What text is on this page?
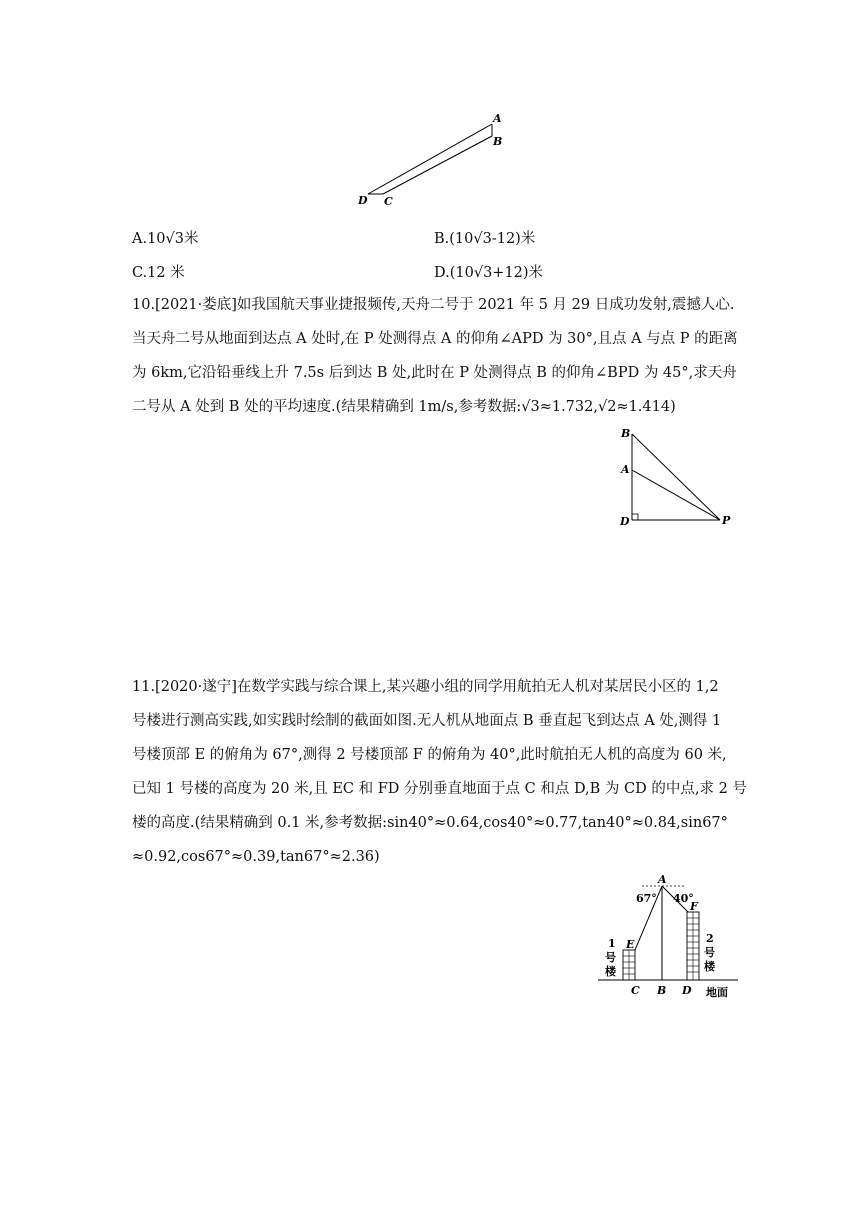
A
B
D C
A.10√3米	B.(10√3-12)米
C.12 米	D.(10√3+12)米
10.[2021·娄底]如我国航天事业捷报频传,天舟二号于 2021 年 5 月 29 日成功发射,震撼人心.
当天舟二号从地面到达点 A 处时,在 P 处测得点 A 的仰角∠APD 为 30°,且点 A 与点 P 的距离
为 6km,它沿铅垂线上升 7.5s 后到达 B 处,此时在 P 处测得点 B 的仰角∠BPD 为 45°,求天舟
二号从 A 处到 B 处的平均速度.(结果精确到 1m/s,参考数据:√3≈1.732,√2≈1.414)
B
A
D	P
11.[2020·遂宁]在数学实践与综合课上,某兴趣小组的同学用航拍无人机对某居民小区的 1,2
号楼进行测高实践,如实践时绘制的截面如图.无人机从地面点 B 垂直起飞到达点 A 处,测得 1
号楼顶部 E 的俯角为 67°,测得 2 号楼顶部 F 的俯角为 40°,此时航拍无人机的高度为 60 米,
已知 1 号楼的高度为 20 米,且 EC 和 FD 分别垂直地面于点 C 和点 D,B 为 CD 的中点,求 2 号
楼的高度.(结果精确到 0.1 米,参考数据:sin40°≈0.64,cos40°≈0.77,tan40°≈0.84,sin67°
≈0.92,cos67°≈0.39,tan67°≈2.36)
A
67° 40°
E
F
1
号
楼
2
号
楼
C B D 地面
